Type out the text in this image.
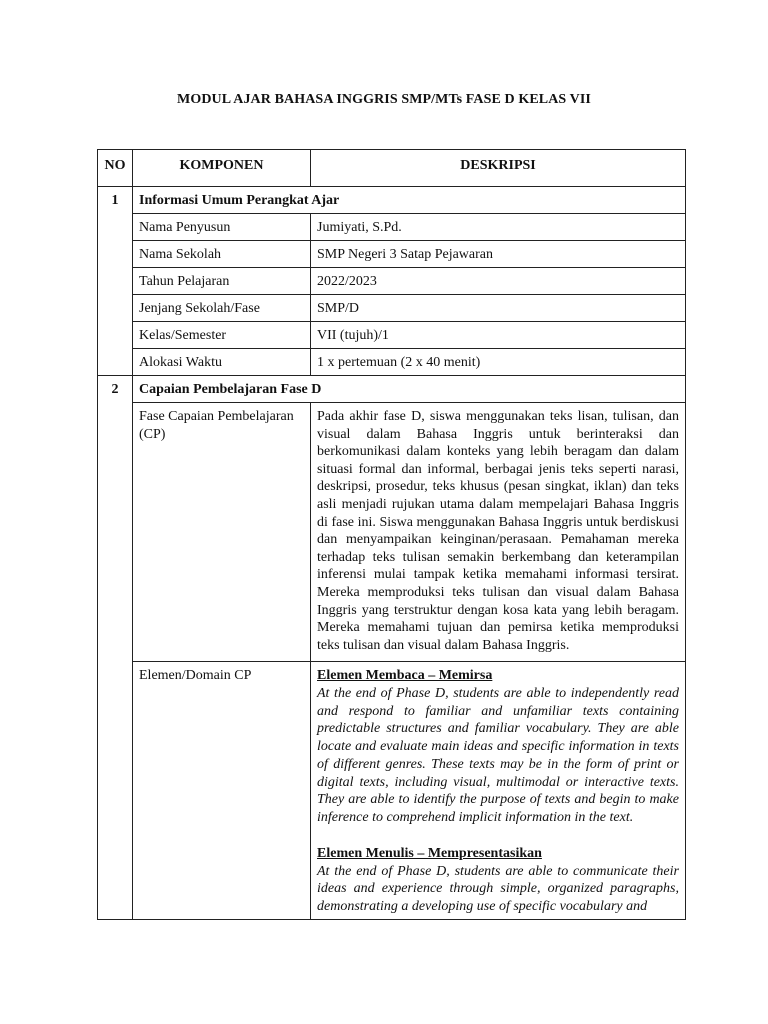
MODUL AJAR BAHASA INGGRIS SMP/MTs FASE D KELAS VII
NO	KOMPONEN	DESKRIPSI
1	Informasi Umum Perangkat Ajar	
	Nama Penyusun	Jumiyati, S.Pd.
	Nama Sekolah	SMP Negeri 3 Satap Pejawaran
	Tahun Pelajaran	2022/2023
	Jenjang Sekolah/Fase	SMP/D
	Kelas/Semester	VII (tujuh)/1
	Alokasi Waktu	1 x pertemuan (2 x 40 menit)
2	Capaian Pembelajaran Fase D	
	Fase Capaian Pembelajaran (CP)	Pada akhir fase D, siswa menggunakan teks lisan, tulisan, dan visual dalam Bahasa Inggris untuk berinteraksi dan berkomunikasi dalam konteks yang lebih beragam dan dalam situasi formal dan informal, berbagai jenis teks seperti narasi, deskripsi, prosedur, teks khusus (pesan singkat, iklan) dan teks asli menjadi rujukan utama dalam mempelajari Bahasa Inggris di fase ini. Siswa menggunakan Bahasa Inggris untuk berdiskusi dan menyampaikan keinginan/perasaan. Pemahaman mereka terhadap teks tulisan semakin berkembang dan keterampilan inferensi mulai tampak ketika memahami informasi tersirat. Mereka memproduksi teks tulisan dan visual dalam Bahasa Inggris yang terstruktur dengan kosa kata yang lebih beragam. Mereka memahami tujuan dan pemirsa ketika memproduksi teks tulisan dan visual dalam Bahasa Inggris.
	Elemen/Domain CP	Elemen Membaca – Memirsa
At the end of Phase D, students are able to independently read and respond to familiar and unfamiliar texts containing predictable structures and familiar vocabulary. They are able locate and evaluate main ideas and specific information in texts of different genres. These texts may be in the form of print or digital texts, including visual, multimodal or interactive texts. They are able to identify the purpose of texts and begin to make inference to comprehend implicit information in the text.
Elemen Menulis – Mempresentasikan
At the end of Phase D, students are able to communicate their ideas and experience through simple, organized paragraphs, demonstrating a developing use of specific vocabulary and
